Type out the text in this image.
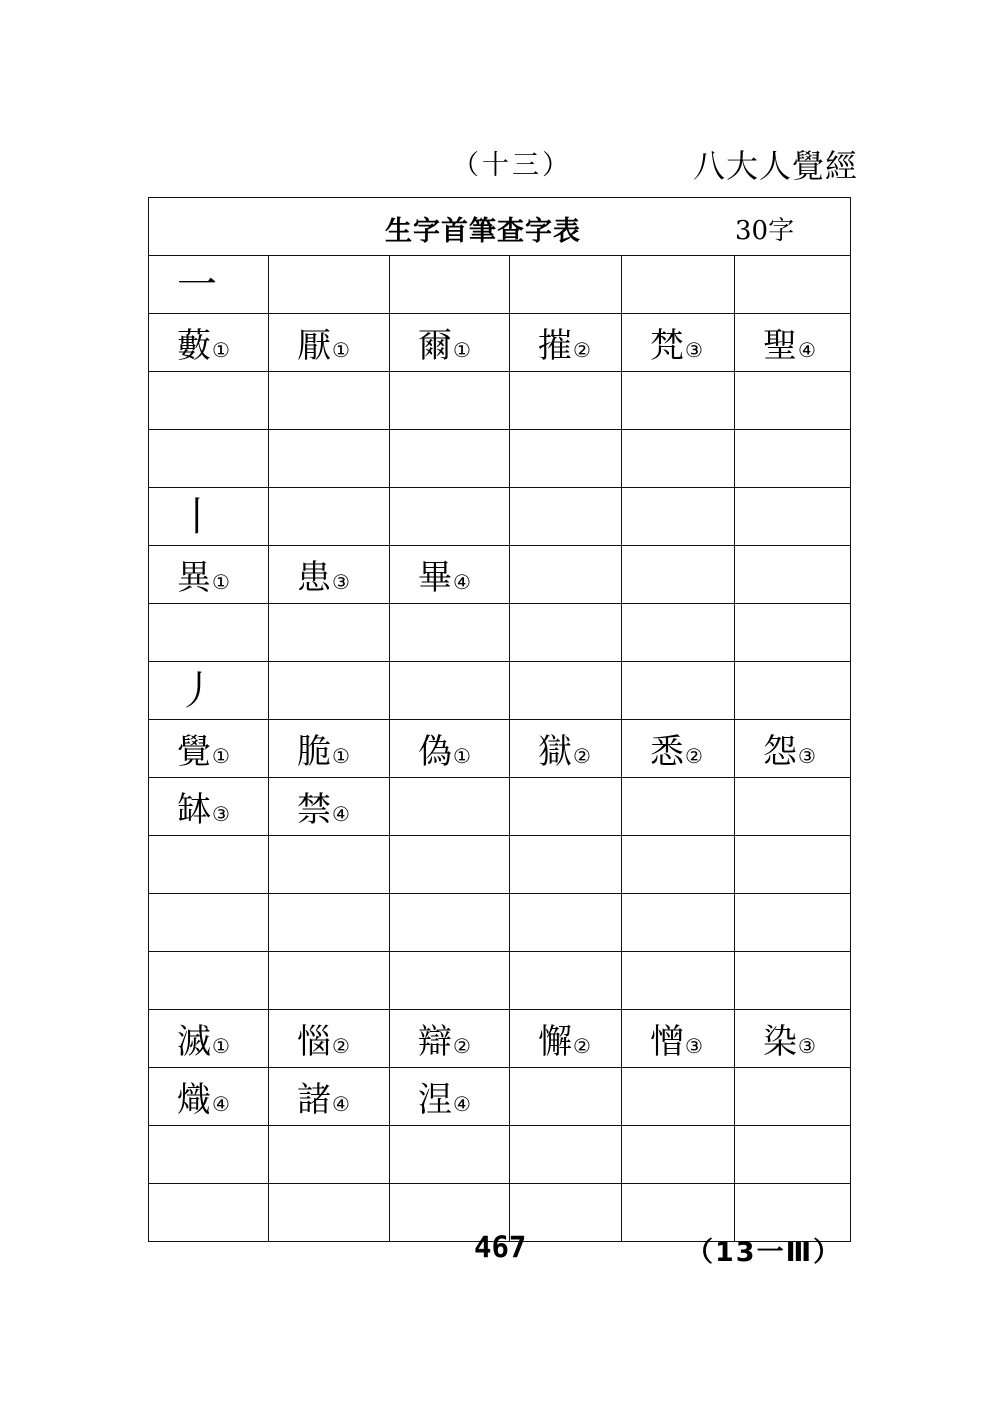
（十三）	八大人覺經
生字首筆查字表 30字					

一					
藪①	厭①	爾①	摧②	梵③	聖④

丨					
異①	患③	畢④			

丿					
覺①	脆①	偽①	獄②	悉②	怨③
缽③	禁④				

滅①	惱②	辯②	懈②	憎③	染③
熾④	諸④	涅④			

467	（13一Ⅲ）
